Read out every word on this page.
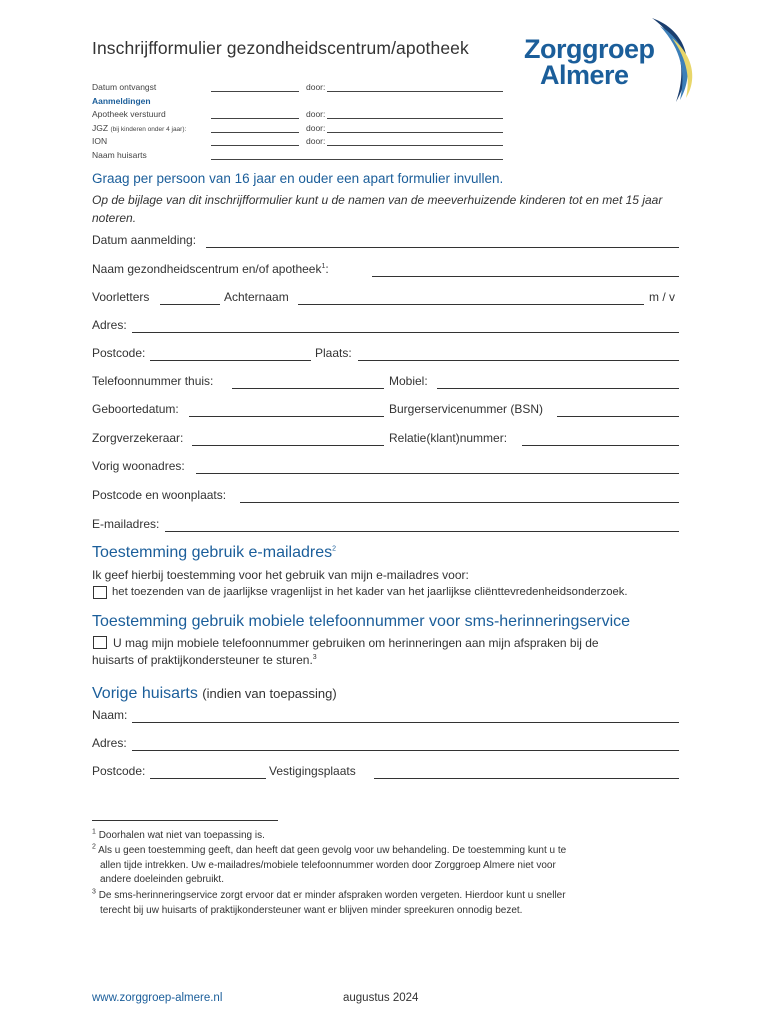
Inschrijfformulier gezondheidscentrum/apotheek Zorggroep
Almere
Datum ontvangst	door:
Aanmeldingen
Apotheek verstuurd	door:
JGZ (bij kinderen onder 4 jaar):	door:
ION	door:
Naam huisarts
Graag per persoon van 16 jaar en ouder een apart formulier invullen.
Op de bijlage van dit inschrijfformulier kunt u de namen van de meeverhuizende kinderen tot en met 15 jaar noteren.
Datum aanmelding:
Naam gezondheidscentrum en/of apotheek$^1$:
Voorletters	Achternaam	m / v
Adres:
Postcode:	Plaats:
Telefoonnummer thuis:	Mobiel:
Geboortedatum:	Burgerservicenummer (BSN)
Zorgverzekeraar:	Relatie(klant)nummer:
Vorig woonadres:
Postcode en woonplaats:
E-mailadres:
Toestemming gebruik e-mailadres$^2$
Ik geef hierbij toestemming voor het gebruik van mijn e-mailadres voor:
het toezenden van de jaarlijkse vragenlijst in het kader van het jaarlijkse cliënttevredenheidsonderzoek.
Toestemming gebruik mobiele telefoonnummer voor sms-herinneringservice
U mag mijn mobiele telefoonnummer gebruiken om herinneringen aan mijn afspraken bij de
huisarts of praktijkondersteuner te sturen.$^3$
Vorige huisarts (indien van toepassing)
Naam:
Adres:
Postcode:	Vestigingsplaats
$^1$ Doorhalen wat niet van toepassing is.
$^2$ Als u geen toestemming geeft, dan heeft dat geen gevolg voor uw behandeling. De toestemming kunt u te
allen tijde intrekken. Uw e-mailadres/mobiele telefoonnummer worden door Zorggroep Almere niet voor
andere doeleinden gebruikt.
$^3$ De sms-herinneringservice zorgt ervoor dat er minder afspraken worden vergeten. Hierdoor kunt u sneller
terecht bij uw huisarts of praktijkondersteuner want er blijven minder spreekuren onnodig bezet.
www.zorggroep-almere.nl	augustus 2024
